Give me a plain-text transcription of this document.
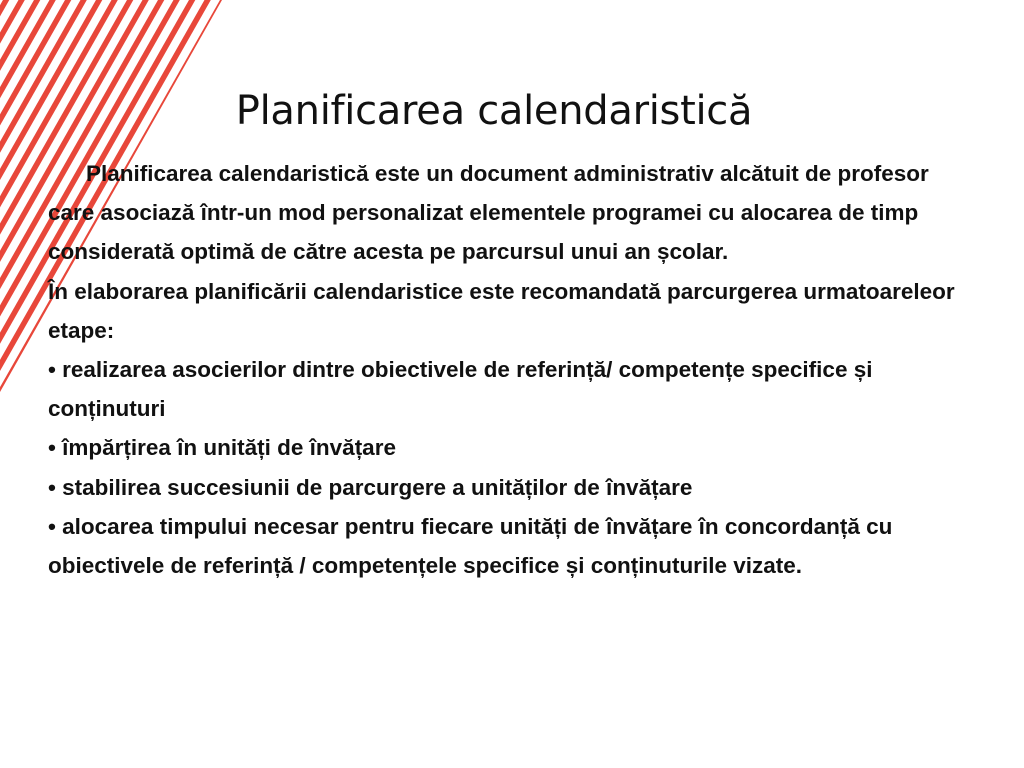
Planificarea calendaristică

Planificarea calendaristică este un document administrativ alcătuit de profesor care asociază într-un mod personalizat elementele programei cu alocarea de timp considerată optimă de către acesta pe parcursul unui an școlar.

În elaborarea planificării calendaristice este recomandată parcurgerea urmatoareleor etape:

• realizarea asocierilor dintre obiectivele de referință/ competențe specifice și conținuturi

• împărțirea în unități de învățare

• stabilirea succesiunii de parcurgere a unităților de învățare

• alocarea timpului necesar pentru fiecare unități de învățare în concordanță cu obiectivele de referință / competențele specifice și conținuturile vizate.
